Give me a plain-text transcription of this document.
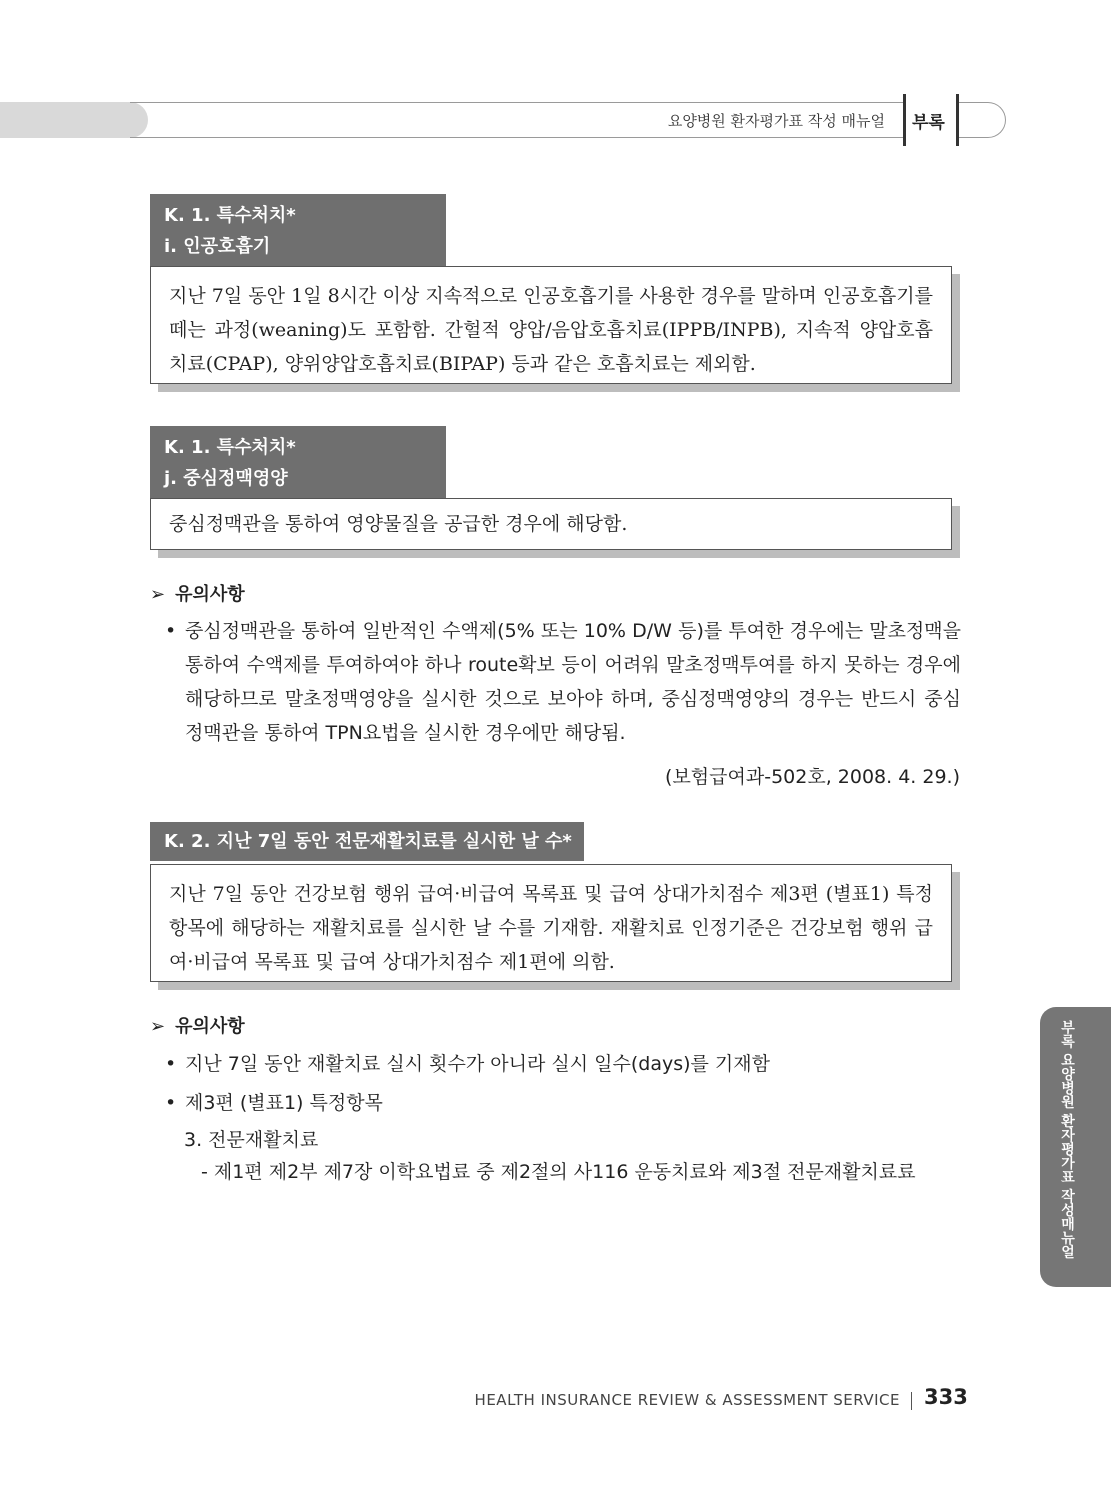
요양병원 환자평가표 작성 매뉴얼 부록
K. 1. 특수처치*
i. 인공호흡기
지난 7일 동안 1일 8시간 이상 지속적으로 인공호흡기를 사용한 경우를 말하며 인공호흡기를 떼는 과정(weaning)도 포함함. 간헐적 양압/음압호흡치료(IPPB/INPB), 지속적 양압호흡치료(CPAP), 양위양압호흡치료(BIPAP) 등과 같은 호흡치료는 제외함.
K. 1. 특수처치*
j. 중심정맥영양
중심정맥관을 통하여 영양물질을 공급한 경우에 해당함.
➢ 유의사항
• 중심정맥관을 통하여 일반적인 수액제(5% 또는 10% D/W 등)를 투여한 경우에는 말초정맥을 통하여 수액제를 투여하여야 하나 route확보 등이 어려워 말초정맥투여를 하지 못하는 경우에 해당하므로 말초정맥영양을 실시한 것으로 보아야 하며, 중심정맥영양의 경우는 반드시 중심정맥관을 통하여 TPN요법을 실시한 경우에만 해당됨.
(보험급여과-502호, 2008. 4. 29.)
K. 2. 지난 7일 동안 전문재활치료를 실시한 날 수*
지난 7일 동안 건강보험 행위 급여·비급여 목록표 및 급여 상대가치점수 제3편 (별표1) 특정항목에 해당하는 재활치료를 실시한 날 수를 기재함. 재활치료 인정기준은 건강보험 행위 급여·비급여 목록표 및 급여 상대가치점수 제1편에 의함.
➢ 유의사항
• 지난 7일 동안 재활치료 실시 횟수가 아니라 실시 일수(days)를 기재함
• 제3편 (별표1) 특정항목
3. 전문재활치료
- 제1편 제2부 제7장 이학요법료 중 제2절의 사116 운동치료와 제3절 전문재활치료료	부록 요양병원 환자평가표 작성매뉴얼
HEALTH INSURANCE REVIEW & ASSESSMENT SERVICE 333
